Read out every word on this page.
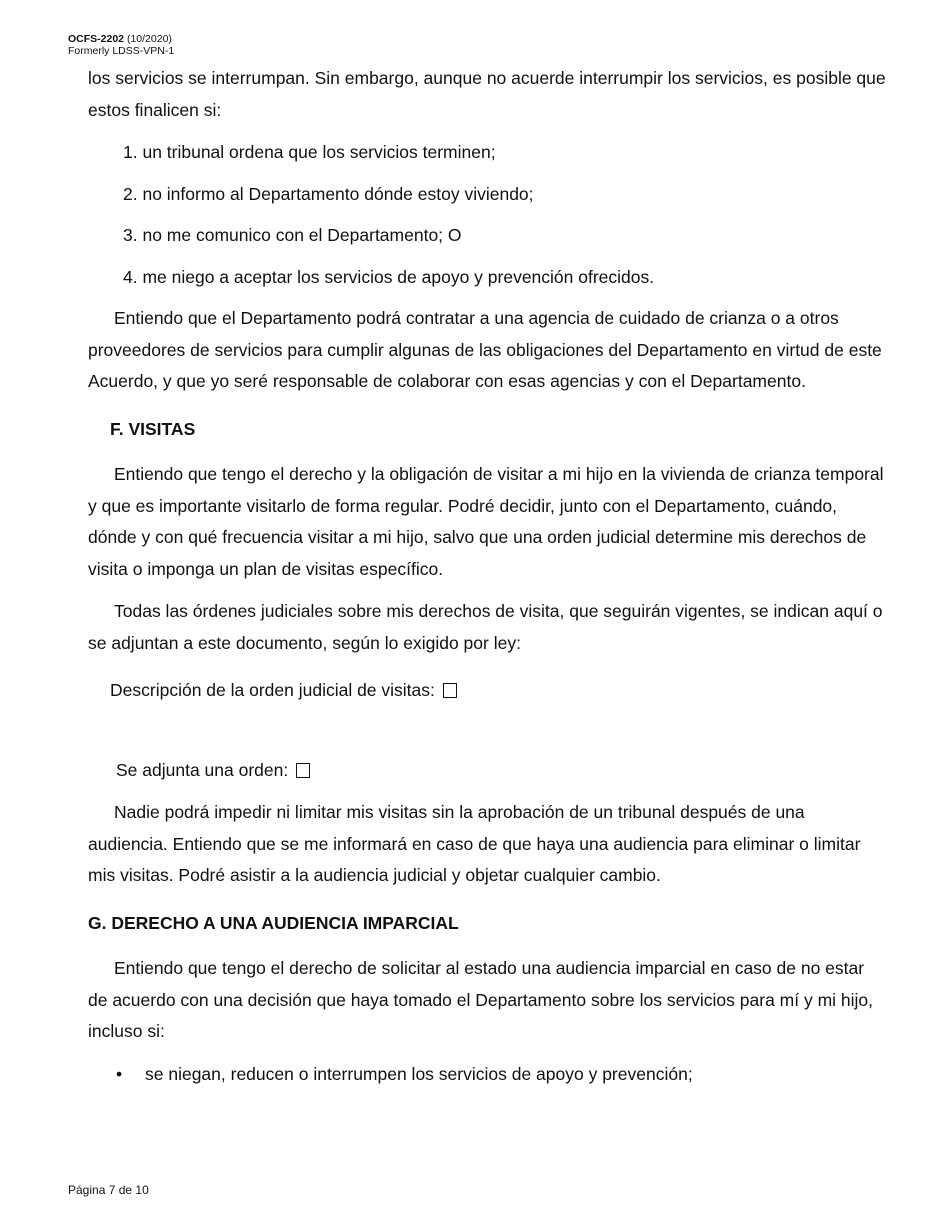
OCFS-2202 (10/2020)
Formerly LDSS-VPN-1

los servicios se interrumpan. Sin embargo, aunque no acuerde interrumpir los servicios, es posible que estos finalicen si:

1. un tribunal ordena que los servicios terminen;
2. no informo al Departamento dónde estoy viviendo;
3. no me comunico con el Departamento; O
4. me niego a aceptar los servicios de apoyo y prevención ofrecidos.

Entiendo que el Departamento podrá contratar a una agencia de cuidado de crianza o a otros proveedores de servicios para cumplir algunas de las obligaciones del Departamento en virtud de este Acuerdo, y que yo seré responsable de colaborar con esas agencias y con el Departamento.

F. VISITAS

Entiendo que tengo el derecho y la obligación de visitar a mi hijo en la vivienda de crianza temporal y que es importante visitarlo de forma regular. Podré decidir, junto con el Departamento, cuándo, dónde y con qué frecuencia visitar a mi hijo, salvo que una orden judicial determine mis derechos de visita o imponga un plan de visitas específico.

Todas las órdenes judiciales sobre mis derechos de visita, que seguirán vigentes, se indican aquí o se adjuntan a este documento, según lo exigido por ley:

Descripción de la orden judicial de visitas:
Se adjunta una orden:

Nadie podrá impedir ni limitar mis visitas sin la aprobación de un tribunal después de una audiencia. Entiendo que se me informará en caso de que haya una audiencia para eliminar o limitar mis visitas. Podré asistir a la audiencia judicial y objetar cualquier cambio.

G. DERECHO A UNA AUDIENCIA IMPARCIAL

Entiendo que tengo el derecho de solicitar al estado una audiencia imparcial en caso de no estar de acuerdo con una decisión que haya tomado el Departamento sobre los servicios para mí y mi hijo, incluso si:

•	se niegan, reducen o interrumpen los servicios de apoyo y prevención;
Página 7 de 10
